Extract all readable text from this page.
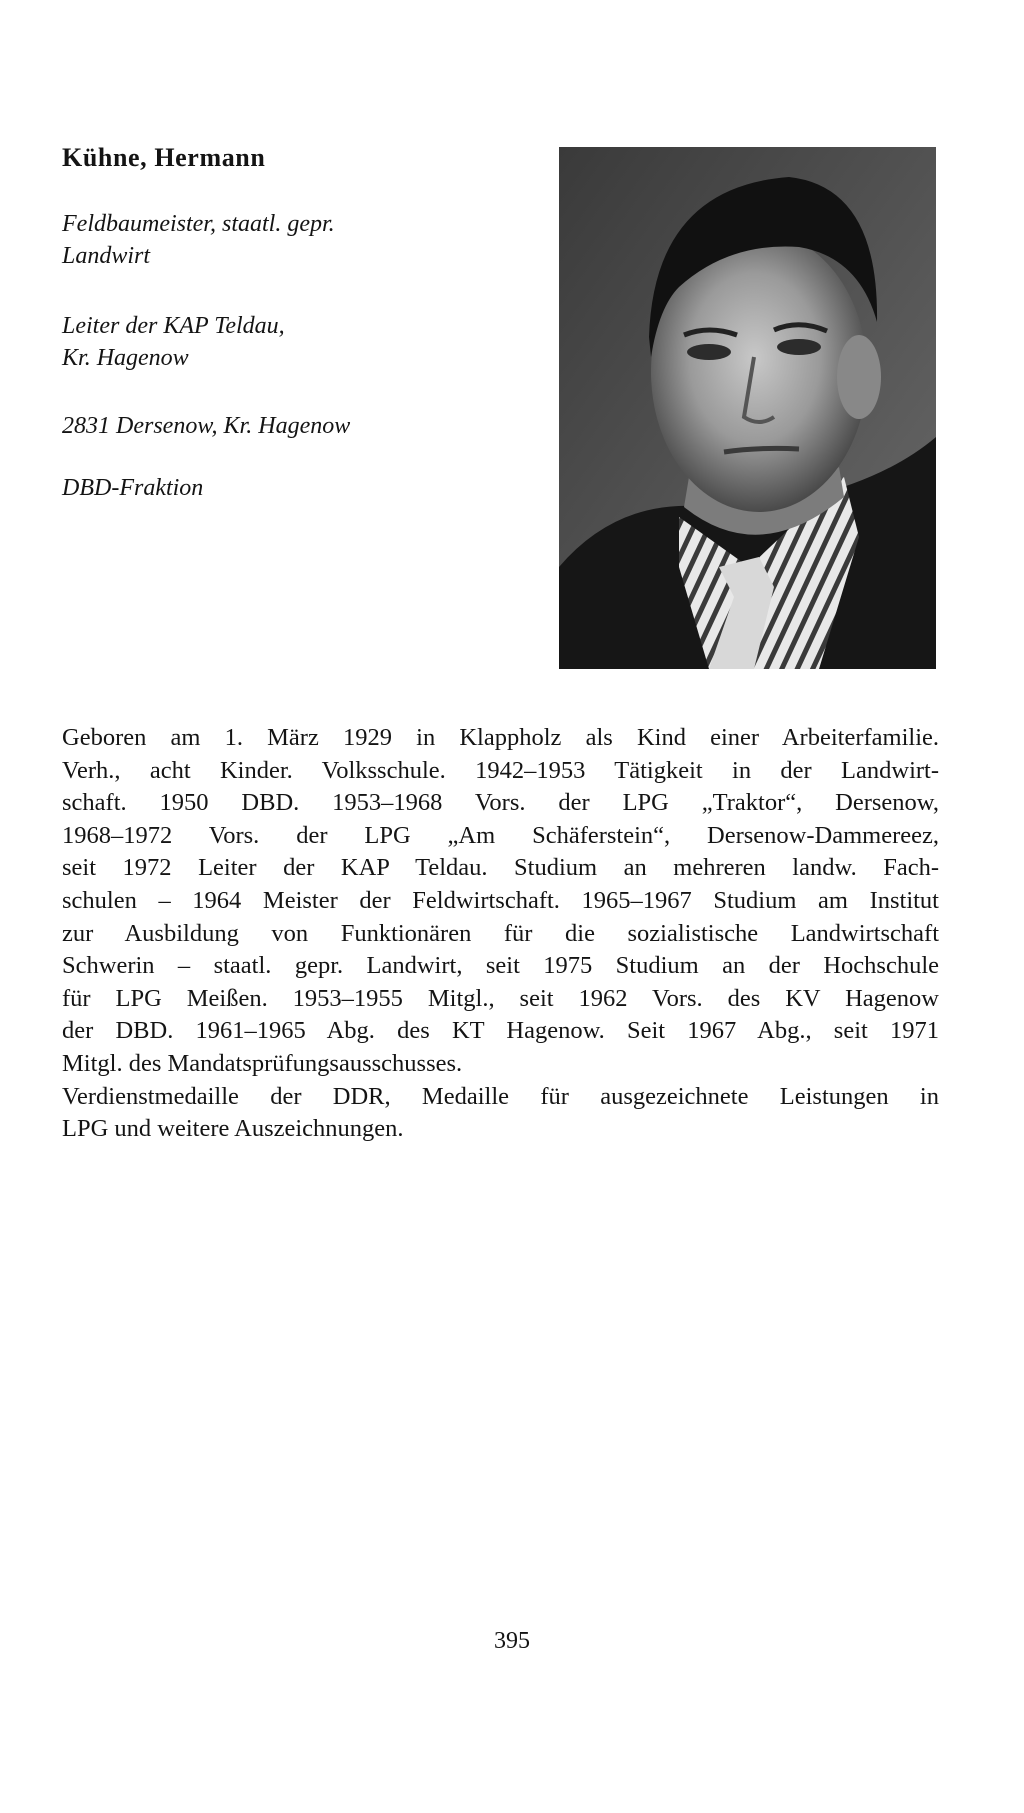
Kühne, Hermann

Feldbaumeister, staatl. gepr.
Landwirt

Leiter der KAP Teldau,
Kr. Hagenow

2831 Dersenow, Kr. Hagenow

DBD-Fraktion

Geboren am 1. März 1929 in Klappholz als Kind einer Arbeiterfamilie.
Verh., acht Kinder. Volksschule. 1942–1953 Tätigkeit in der Landwirt-
schaft. 1950 DBD. 1953–1968 Vors. der LPG „Traktor“, Dersenow,
1968–1972 Vors. der LPG „Am Schäferstein“, Dersenow-Dammereez,
seit 1972 Leiter der KAP Teldau. Studium an mehreren landw. Fach-
schulen – 1964 Meister der Feldwirtschaft. 1965–1967 Studium am Institut
zur Ausbildung von Funktionären für die sozialistische Landwirtschaft
Schwerin – staatl. gepr. Landwirt, seit 1975 Studium an der Hochschule
für LPG Meißen. 1953–1955 Mitgl., seit 1962 Vors. des KV Hagenow
der DBD. 1961–1965 Abg. des KT Hagenow. Seit 1967 Abg., seit 1971
Mitgl. des Mandatsprüfungsausschusses.
Verdienstmedaille der DDR, Medaille für ausgezeichnete Leistungen in
LPG und weitere Auszeichnungen.

395
